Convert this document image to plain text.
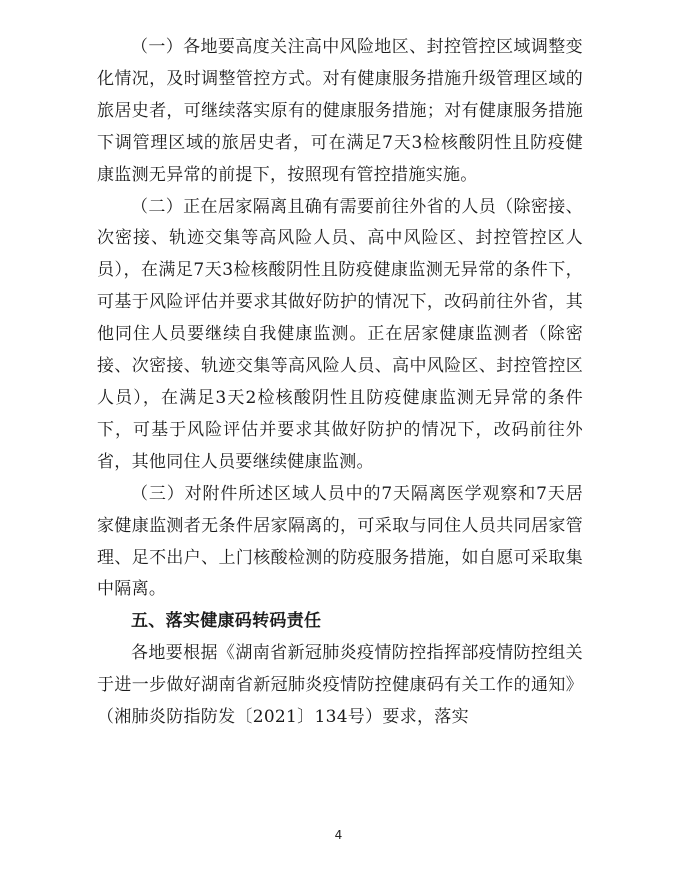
（一）各地要高度关注高中风险地区、封控管控区域调整变化情况，及时调整管控方式。对有健康服务措施升级管理区域的旅居史者，可继续落实原有的健康服务措施；对有健康服务措施下调管理区域的旅居史者，可在满足7天3检核酸阴性且防疫健康监测无异常的前提下，按照现有管控措施实施。

（二）正在居家隔离且确有需要前往外省的人员（除密接、次密接、轨迹交集等高风险人员、高中风险区、封控管控区人员），在满足7天3检核酸阴性且防疫健康监测无异常的条件下，可基于风险评估并要求其做好防护的情况下，改码前往外省，其他同住人员要继续自我健康监测。正在居家健康监测者（除密接、次密接、轨迹交集等高风险人员、高中风险区、封控管控区人员），在满足3天2检核酸阴性且防疫健康监测无异常的条件下，可基于风险评估并要求其做好防护的情况下，改码前往外省，其他同住人员要继续健康监测。

（三）对附件所述区域人员中的7天隔离医学观察和7天居家健康监测者无条件居家隔离的，可采取与同住人员共同居家管理、足不出户、上门核酸检测的防疫服务措施，如自愿可采取集中隔离。

五、落实健康码转码责任

各地要根据《湖南省新冠肺炎疫情防控指挥部疫情防控组关于进一步做好湖南省新冠肺炎疫情防控健康码有关工作的通知》（湘肺炎防指防发〔2021〕134号）要求，落实

4
